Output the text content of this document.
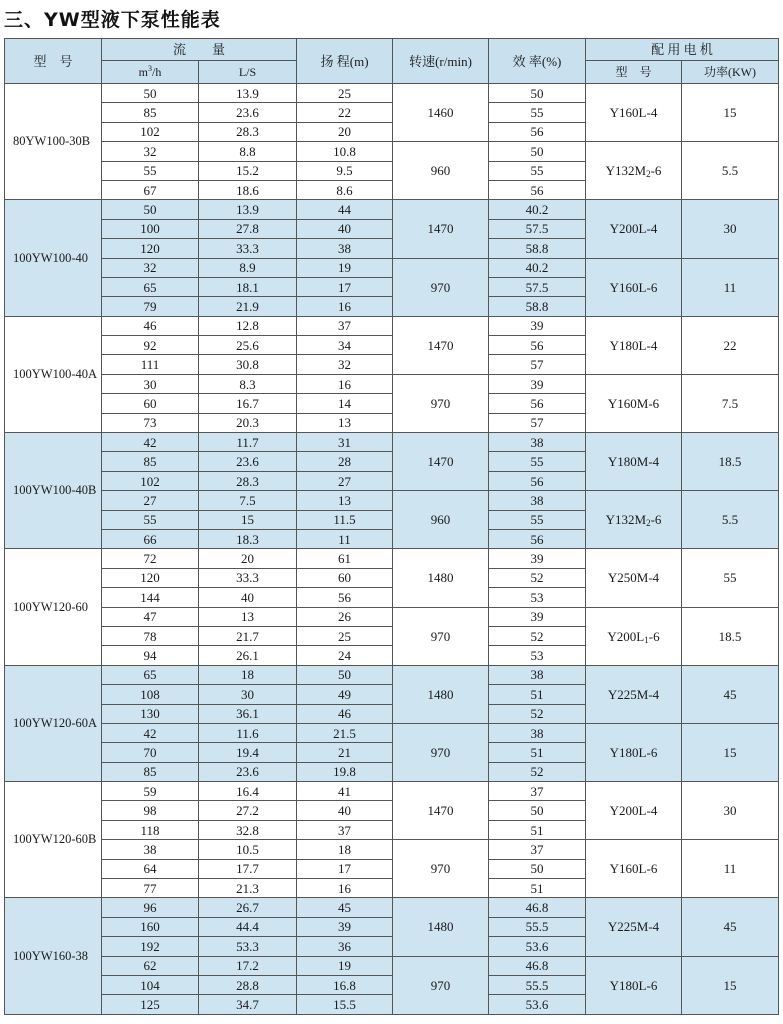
三、YW型液下泵性能表
型　号	流　　量		扬 程(m)	转速(r/min)	效 率(%)	配 用 电 机	
	$m^3/h$	L/S				型　号	功率(KW)
80YW100-30B	50	13.9	25	1460	50	Y160L-4	15
	85	23.6	22		55		
	102	28.3	20		56		
	32	8.8	10.8	960	50	$Y132M_2-6$	5.5
	55	15.2	9.5		55		
	67	18.6	8.6		56		
100YW100-40	50	13.9	44	1470	40.2	Y200L-4	30
	100	27.8	40		57.5		
	120	33.3	38		58.8		
	32	8.9	19	970	40.2	Y160L-6	11
	65	18.1	17		57.5		
	79	21.9	16		58.8		
100YW100-40A	46	12.8	37	1470	39	Y180L-4	22
	92	25.6	34		56		
	111	30.8	32		57		
	30	8.3	16	970	39	Y160M-6	7.5
	60	16.7	14		56		
	73	20.3	13		57		
100YW100-40B	42	11.7	31	1470	38	Y180M-4	18.5
	85	23.6	28		55		
	102	28.3	27		56		
	27	7.5	13	960	38	$Y132M_2-6$	5.5
	55	15	11.5		55		
	66	18.3	11		56		
100YW120-60	72	20	61	1480	39	Y250M-4	55
	120	33.3	60		52		
	144	40	56		53		
	47	13	26	970	39	$Y200L_1-6$	18.5
	78	21.7	25		52		
	94	26.1	24		53		
100YW120-60A	65	18	50	1480	38	Y225M-4	45
	108	30	49		51		
	130	36.1	46		52		
	42	11.6	21.5	970	38	Y180L-6	15
	70	19.4	21		51		
	85	23.6	19.8		52		
100YW120-60B	59	16.4	41	1470	37	Y200L-4	30
	98	27.2	40		50		
	118	32.8	37		51		
	38	10.5	18	970	37	Y160L-6	11
	64	17.7	17		50		
	77	21.3	16		51		
100YW160-38	96	26.7	45	1480	46.8	Y225M-4	45
	160	44.4	39		55.5		
	192	53.3	36		53.6		
	62	17.2	19	970	46.8	Y180L-6	15
	104	28.8	16.8		55.5		
	125	34.7	15.5		53.6		
